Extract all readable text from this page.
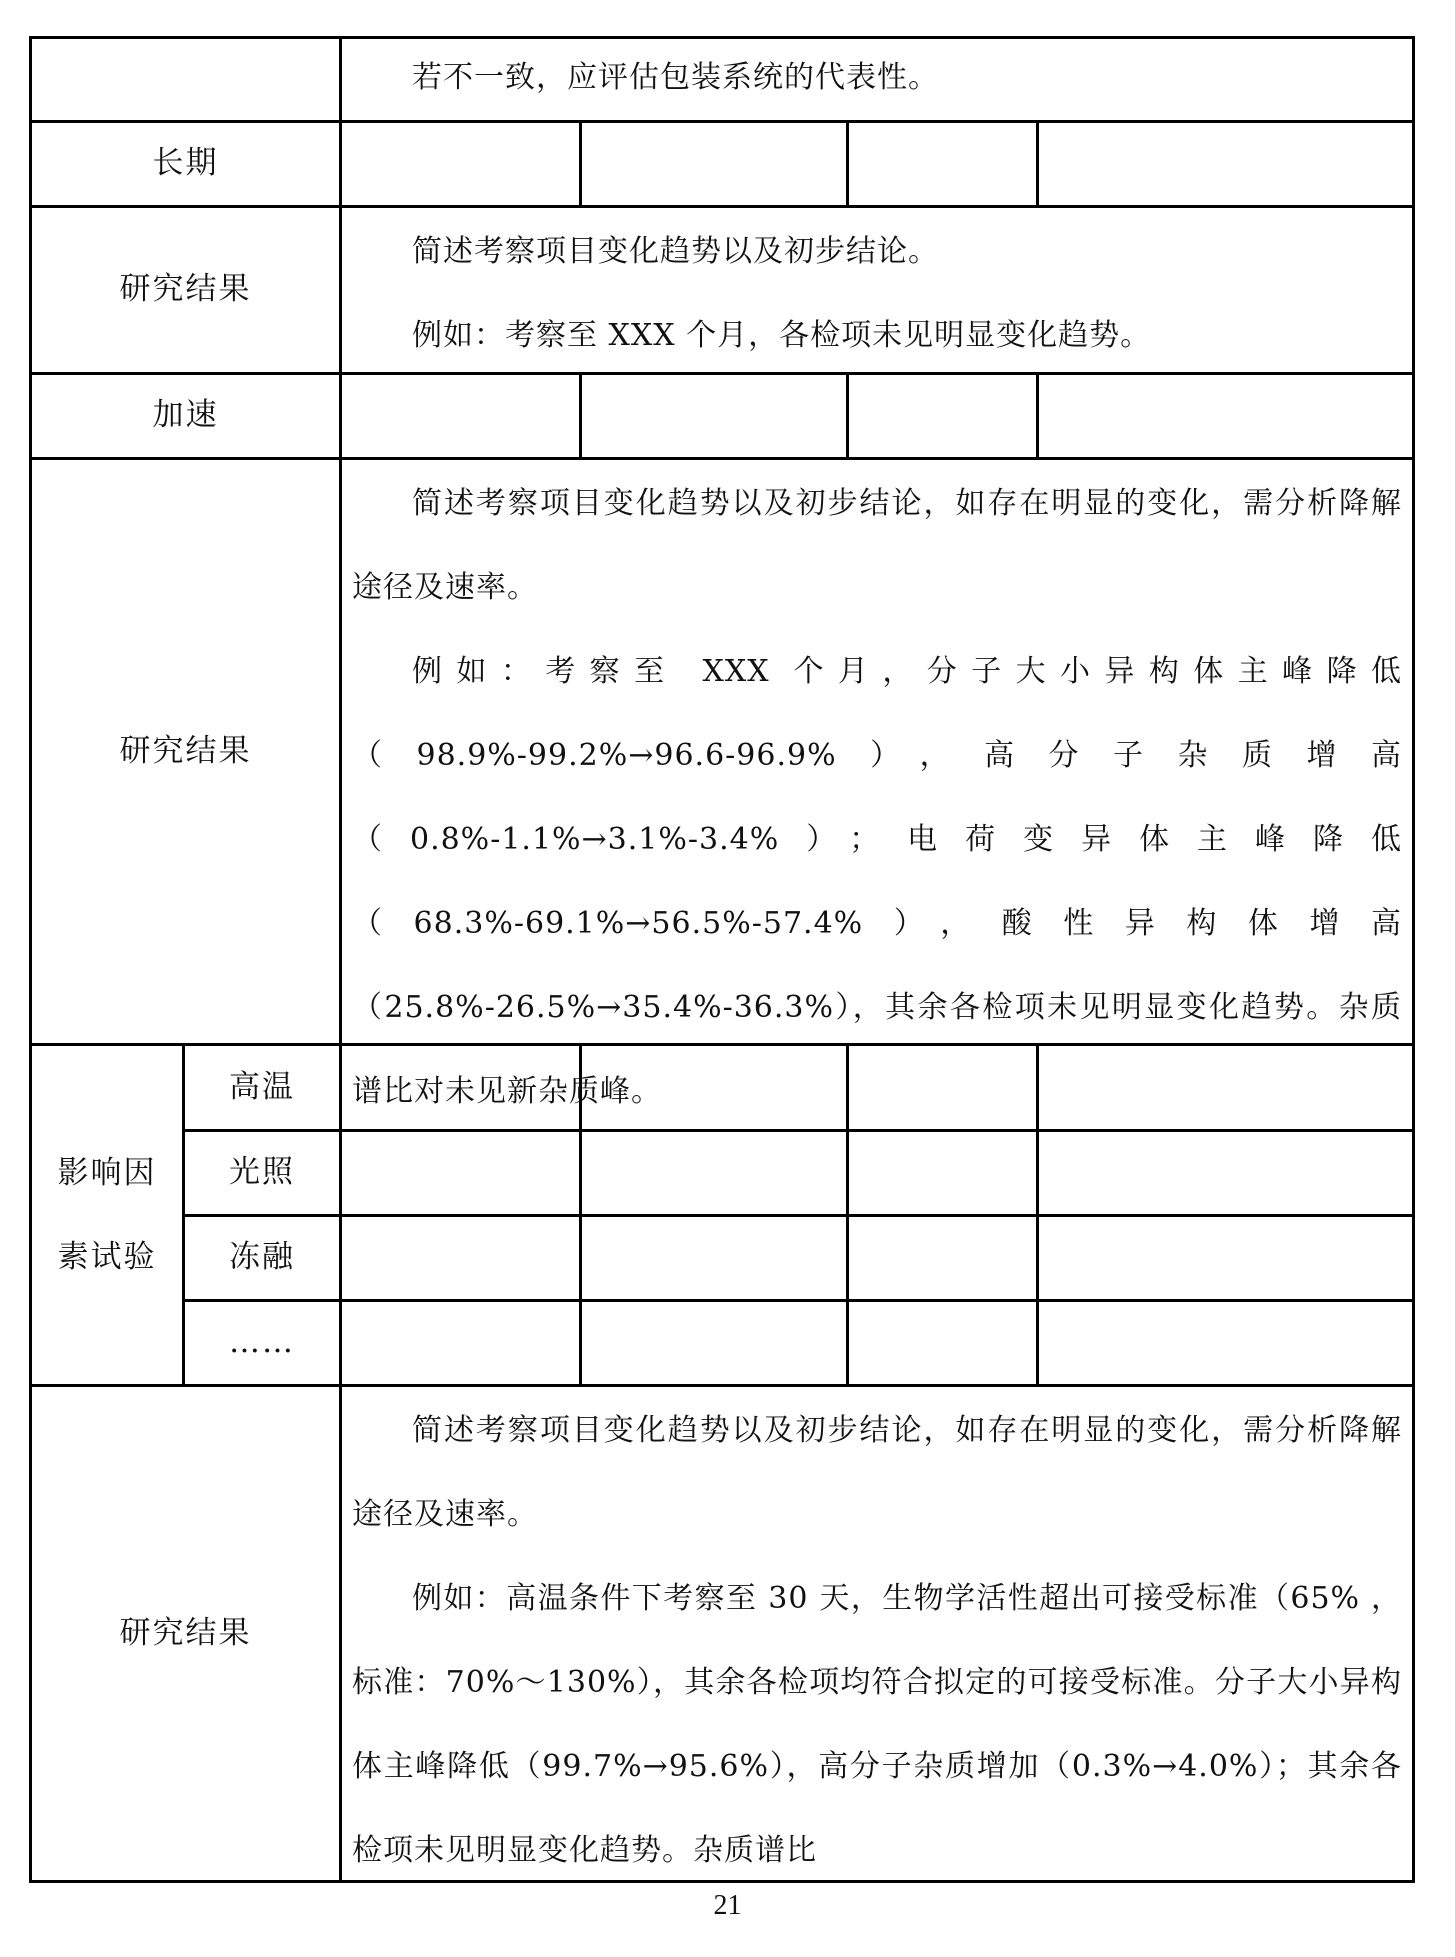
若不一致，应评估包装系统的代表性。

长期
研究结果

简述考察项目变化趋势以及初步结论。

例如：考察至 XXX 个月，各检项未见明显变化趋势。

加速
研究结果

简述考察项目变化趋势以及初步结论，如存在明显的变化，需分析降解途径及速率。

例如：考察至 XXX 个月，分子大小异构体主峰降低（98.9%-99.2%→96.6-96.9%），高分子杂质增高（0.8%-1.1%→3.1%-3.4%）；电荷变异体主峰降低（68.3%-69.1%→56.5%-57.4%），酸性异构体增高（25.8%-26.5%→35.4%-36.3%），其余各检项未见明显变化趋势。杂质谱比对未见新杂质峰。

影响因
素试验
高温
光照
冻融
……
研究结果

简述考察项目变化趋势以及初步结论，如存在明显的变化，需分析降解途径及速率。

例如：高温条件下考察至 30 天，生物学活性超出可接受标准（65% ，标准：70%～130%），其余各检项均符合拟定的可接受标准。分子大小异构体主峰降低（99.7%→95.6%），高分子杂质增加（0.3%→4.0%）；其余各检项未见明显变化趋势。杂质谱比

21
